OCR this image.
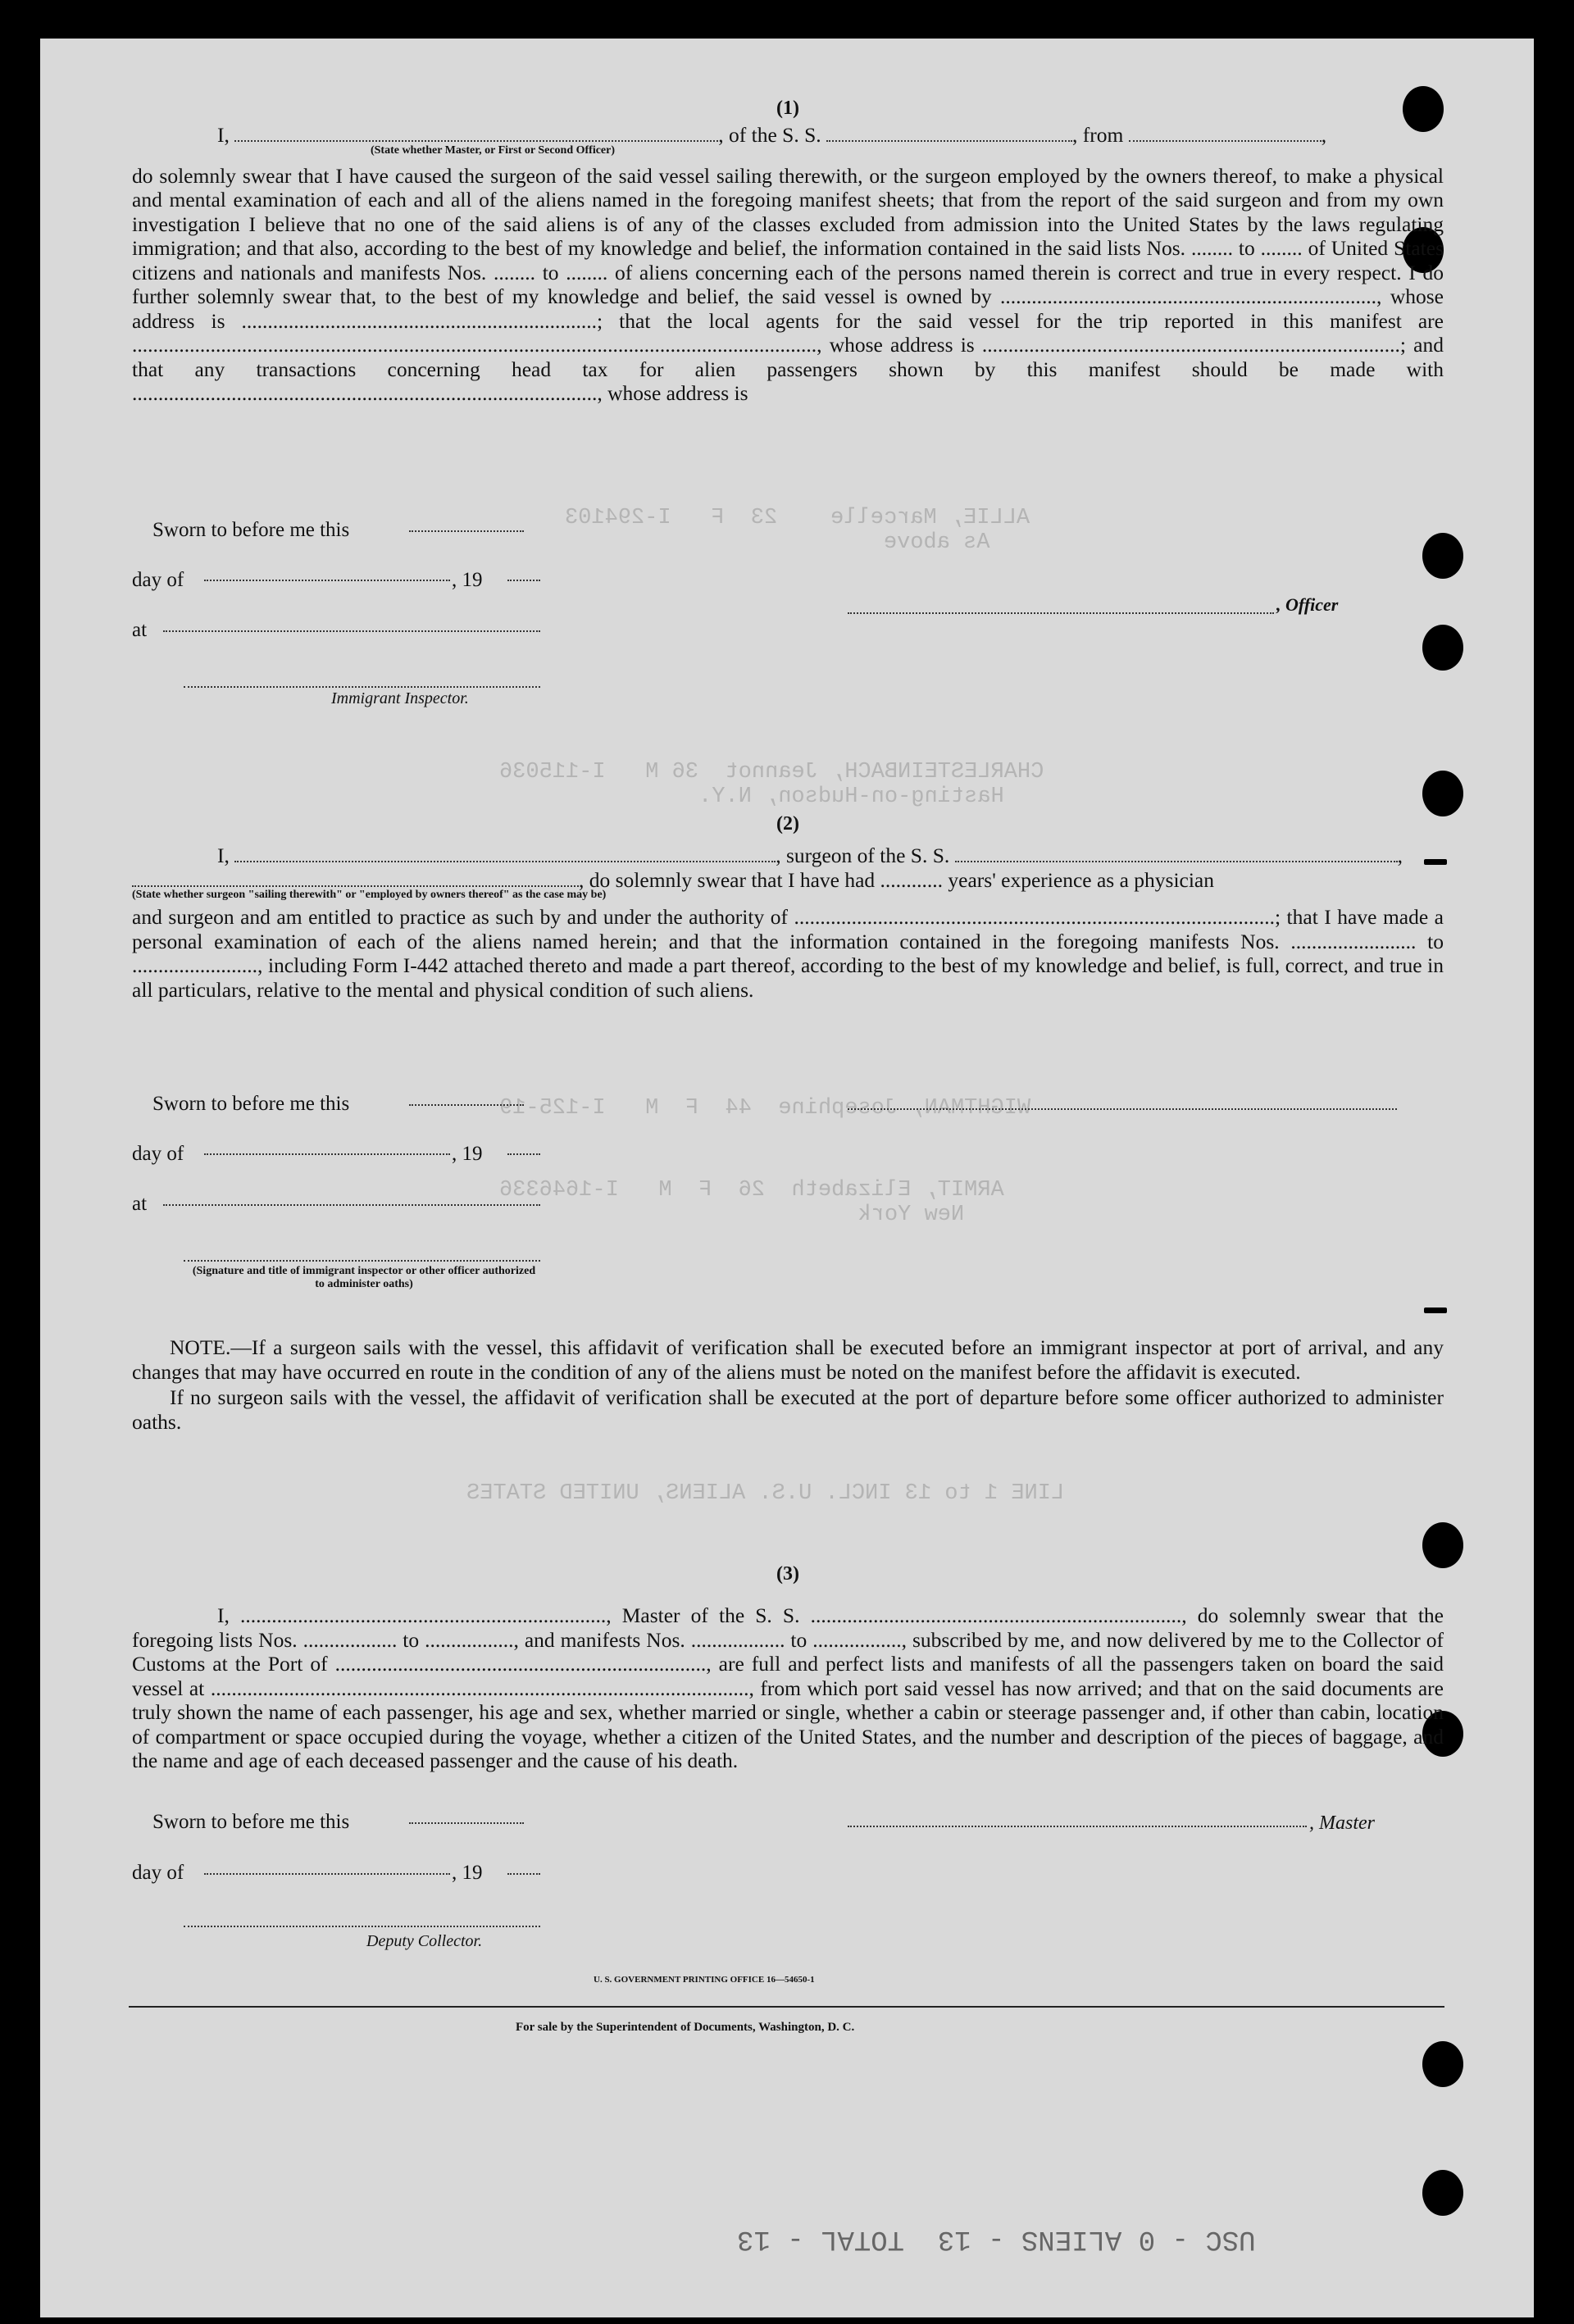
ALLIE, Marcelle    23  F   I-294103
As above
CHARLESTEINBACH, Jeannot  36 M   I-115036
Hasting-on-Hudson, N.Y.
WIGHTMAN, Josephine  44  F  M   I-125-19
ARMIT, Elizabeth  26  F  M   I-1646336
New York
LINE 1 to 13 INCL. U.S. ALIENS, UNITED STATES
(1)
I,	, of the S. S.	, from	,
(State whether Master, or First or Second Officer)

do solemnly swear that I have caused the surgeon of the said vessel sailing therewith, or the surgeon employed by the owners thereof, to make a physical and mental examination of each and all of the aliens named in the foregoing manifest sheets; that from the report of the said surgeon and from my own investigation I believe that no one of the said aliens is of any of the classes excluded from admission into the United States by the laws regulating immigration; and that also, according to the best of my knowledge and belief, the information contained in the said lists Nos. ........ to ........ of United States citizens and nationals and manifests Nos. ........ to ........ of aliens concerning each of the persons named therein is correct and true in every respect. I do further solemnly swear that, to the best of my knowledge and belief, the said vessel is owned by ........................................................................, whose address is ....................................................................; that the local agents for the said vessel for the trip reported in this manifest are ..................................................................................................................................., whose address is ................................................................................; and that any transactions concerning head tax for alien passengers shown by this manifest should be made with ........................................................................................., whose address is

Sworn to before me this
day of	, 19
at
Immigrant Inspector.
, Officer
(2)
I,	, surgeon of the S. S.	,
, do solemnly swear that I have had ............ years' experience as a physician
(State whether surgeon "sailing therewith" or "employed by owners thereof" as the case may be)

and surgeon and am entitled to practice as such by and under the authority of ............................................................................................; that I have made a personal examination of each of the aliens named herein; and that the information contained in the foregoing manifests Nos. ........................ to ........................, including Form I-442 attached thereto and made a part thereof, according to the best of my knowledge and belief, is full, correct, and true in all particulars, relative to the mental and physical condition of such aliens.

Sworn to before me this
day of	, 19
at
(Signature and title of immigrant inspector or other officer authorized to administer oaths)

NOTE.—If a surgeon sails with the vessel, this affidavit of verification shall be executed before an immigrant inspector at port of arrival, and any changes that may have occurred en route in the condition of any of the aliens must be noted on the manifest before the affidavit is executed.

If no surgeon sails with the vessel, the affidavit of verification shall be executed at the port of departure before some officer authorized to administer oaths.

(3)

I, ......................................................................, Master of the S. S. ......................................................................., do solemnly swear that the foregoing lists Nos. .................. to ................., and manifests Nos. .................. to ................., subscribed by me, and now delivered by me to the Collector of Customs at the Port of ......................................................................., are full and perfect lists and manifests of all the passengers taken on board the said vessel at ......................................................................................................., from which port said vessel has now arrived; and that on the said documents are truly shown the name of each passenger, his age and sex, whether married or single, whether a cabin or steerage passenger and, if other than cabin, location of compartment or space occupied during the voyage, whether a citizen of the United States, and the number and description of the pieces of baggage, and the name and age of each deceased passenger and the cause of his death.

Sworn to before me this
day of	, 19
Deputy Collector.
, Master
U. S. GOVERNMENT PRINTING OFFICE 16—54650-1
For sale by the Superintendent of Documents, Washington, D. C.
USC - 0 ALIENS - 13  TOTAL - 13
